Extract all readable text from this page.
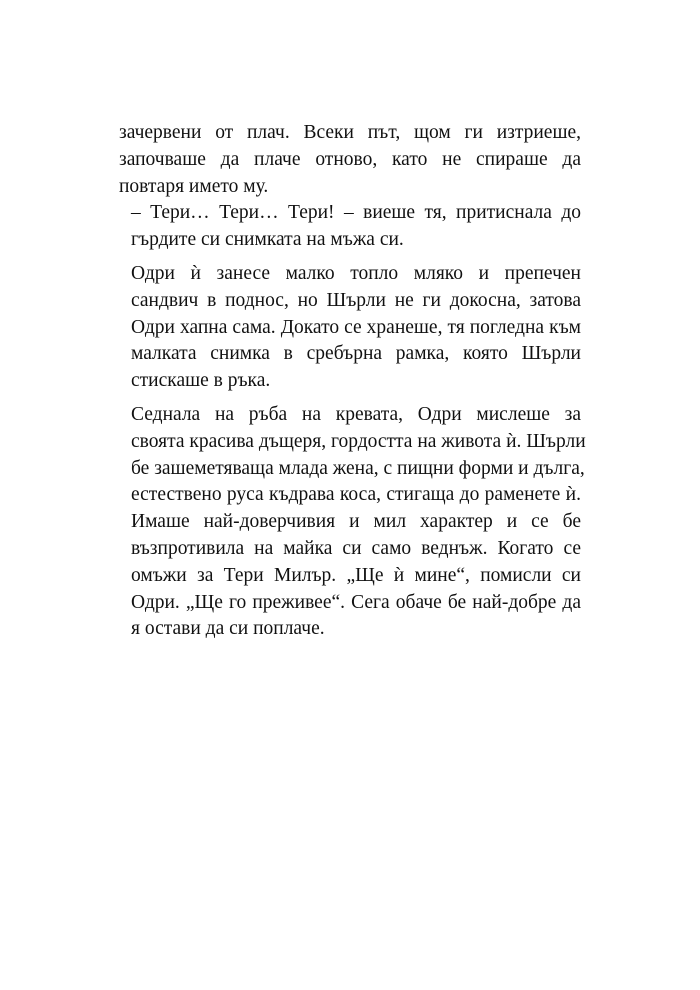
зачервени от плач. Всеки път, щом ги изтриеше,
започваше да плаче отново, като не спираше да
повтаря името му.

– Тери… Тери… Тери! – виеше тя, притиснала до
гърдите си снимката на мъжа си.

Одри ѝ занесе малко топло мляко и препечен
сандвич в поднос, но Шърли не ги докосна, затова
Одри хапна сама. Докато се хранеше, тя погледна към
малката снимка в сребърна рамка, която Шърли
стискаше в ръка.

Седнала на ръба на кревата, Одри мислеше за
своята красива дъщеря, гордостта на живота ѝ. Шърли
бе зашеметяваща млада жена, с пищни форми и дълга,
естествено руса къдрава коса, стигаща до раменете ѝ.
Имаше най-доверчивия и мил характер и се бе
възпротивила на майка си само веднъж. Когато се
омъжи за Тери Милър. „Ще ѝ мине“, помисли си
Одри. „Ще го преживее“. Сега обаче бе най-добре да
я остави да си поплаче.
